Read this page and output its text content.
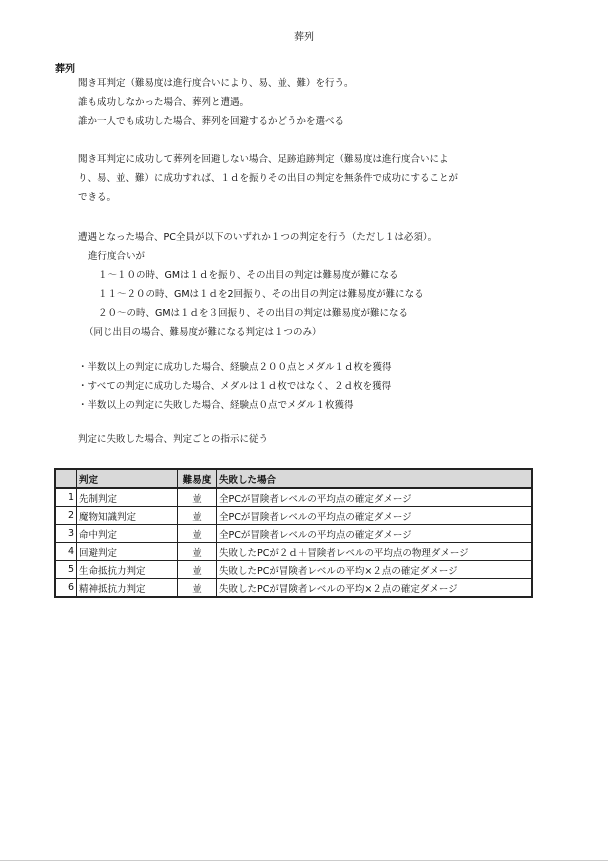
葬列
葬列
聞き耳判定（難易度は進行度合いにより、易、並、難）を行う。
誰も成功しなかった場合、葬列と遭遇。
誰か一人でも成功した場合、葬列を回避するかどうかを選べる
聞き耳判定に成功して葬列を回避しない場合、足跡追跡判定（難易度は進行度合いによ
り、易、並、難）に成功すれば、１ｄを振りその出目の判定を無条件で成功にすることが
できる。
遭遇となった場合、PC全員が以下のいずれか１つの判定を行う（ただし１は必須）。
進行度合いが
１～１０の時、GMは１ｄを振り、その出目の判定は難易度が難になる
１１～２０の時、GMは１ｄを2回振り、その出目の判定は難易度が難になる
２０～の時、GMは１ｄを３回振り、その出目の判定は難易度が難になる
（同じ出目の場合、難易度が難になる判定は１つのみ）
・半数以上の判定に成功した場合、経験点２００点とメダル１ｄ枚を獲得
・すべての判定に成功した場合、メダルは１ｄ枚ではなく、２ｄ枚を獲得
・半数以上の判定に失敗した場合、経験点０点でメダル１枚獲得
判定に失敗した場合、判定ごとの指示に従う
	判定	難易度	失敗した場合
1	先制判定	並	全PCが冒険者レベルの平均点の確定ダメージ
2	魔物知識判定	並	全PCが冒険者レベルの平均点の確定ダメージ
3	命中判定	並	全PCが冒険者レベルの平均点の確定ダメージ
4	回避判定	並	失敗したPCが２ｄ＋冒険者レベルの平均点の物理ダメージ
5	生命抵抗力判定	並	失敗したPCが冒険者レベルの平均×２点の確定ダメージ
6	精神抵抗力判定	並	失敗したPCが冒険者レベルの平均×２点の確定ダメージ
